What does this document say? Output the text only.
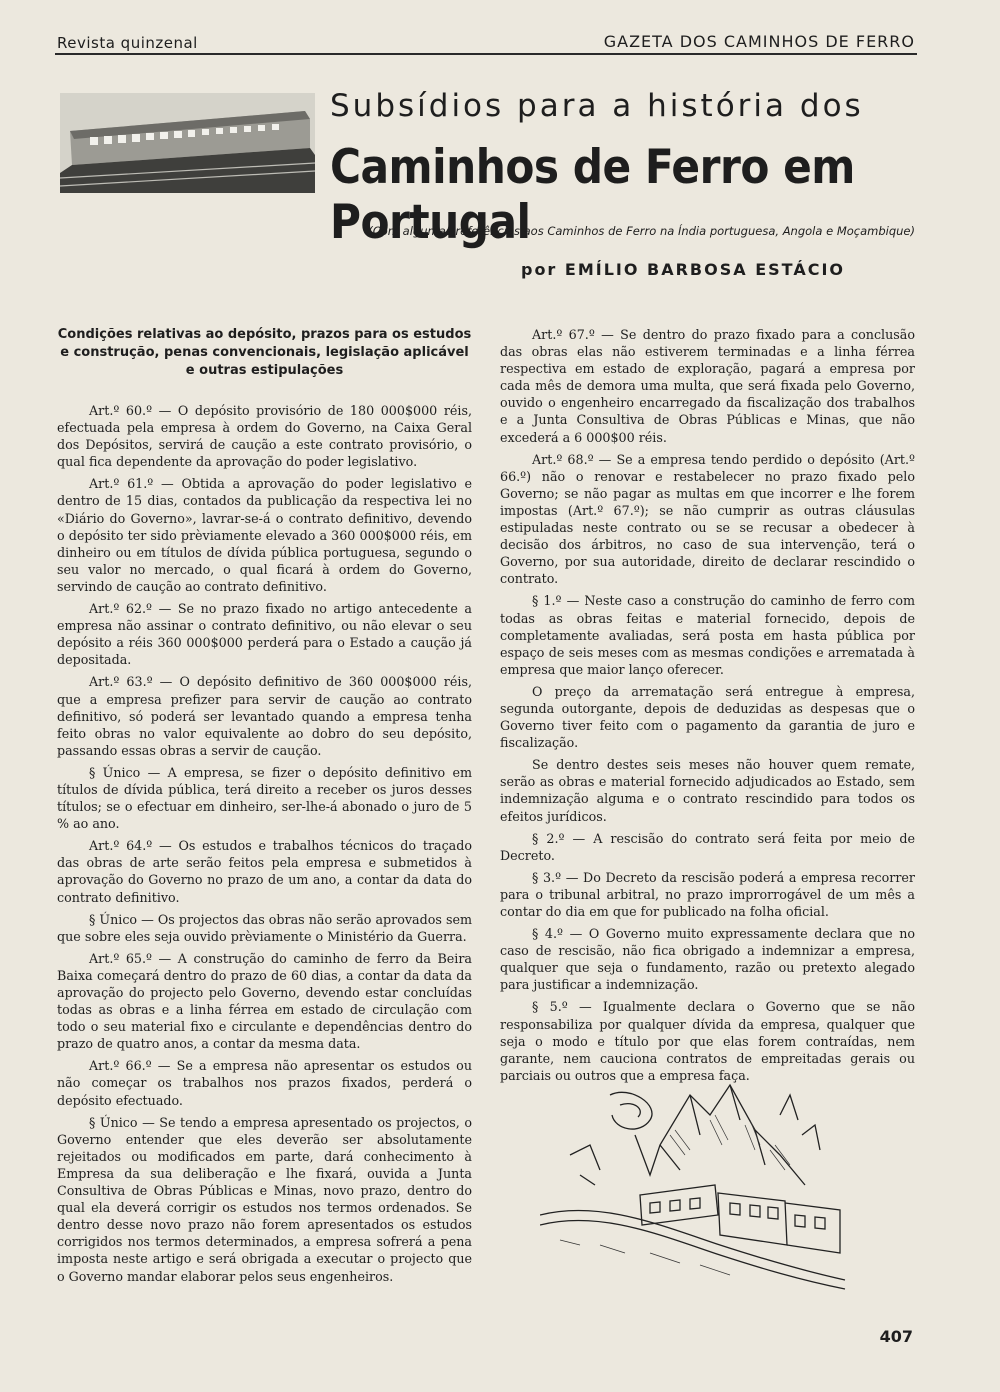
Revista quinzenal	GAZETA DOS CAMINHOS DE FERRO
Subsídios para a história dos
Caminhos de Ferro em Portugal
(Com algumas referências aos Caminhos de Ferro na Índia portuguesa, Angola e Moçambique)
por EMÍLIO BARBOSA ESTÁCIO
Condições relativas ao depósito, prazos para os estudos e construção, penas convencionais, legislação aplicável e outras estipulações

Art.º 60.º — O depósito provisório de 180 000$000 réis, efectuada pela empresa à ordem do Governo, na Caixa Geral dos Depósitos, servirá de caução a este contrato provisório, o qual fica dependente da aprovação do poder legislativo.

Art.º 61.º — Obtida a aprovação do poder legislativo e dentro de 15 dias, contados da publicação da respectiva lei no «Diário do Governo», lavrar-se-á o contrato definitivo, devendo o depósito ter sido prèviamente elevado a 360 000$000 réis, em dinheiro ou em títulos de dívida pública portuguesa, segundo o seu valor no mercado, o qual ficará à ordem do Governo, servindo de caução ao contrato definitivo.

Art.º 62.º — Se no prazo fixado no artigo antecedente a empresa não assinar o contrato definitivo, ou não elevar o seu depósito a réis 360 000$000 perderá para o Estado a caução já depositada.

Art.º 63.º — O depósito definitivo de 360 000$000 réis, que a empresa prefizer para servir de caução ao contrato definitivo, só poderá ser levantado quando a empresa tenha feito obras no valor equivalente ao dobro do seu depósito, passando essas obras a servir de caução.

§ Único — A empresa, se fizer o depósito definitivo em títulos de dívida pública, terá direito a receber os juros desses títulos; se o efectuar em dinheiro, ser-lhe-á abonado o juro de 5 % ao ano.

Art.º 64.º — Os estudos e trabalhos técnicos do traçado das obras de arte serão feitos pela empresa e submetidos à aprovação do Governo no prazo de um ano, a contar da data do contrato definitivo.

§ Único — Os projectos das obras não serão aprovados sem que sobre eles seja ouvido prèviamente o Ministério da Guerra.

Art.º 65.º — A construção do caminho de ferro da Beira Baixa começará dentro do prazo de 60 dias, a contar da data da aprovação do projecto pelo Governo, devendo estar concluídas todas as obras e a linha férrea em estado de circulação com todo o seu material fixo e circulante e dependências dentro do prazo de quatro anos, a contar da mesma data.

Art.º 66.º — Se a empresa não apresentar os estudos ou não começar os trabalhos nos prazos fixados, perderá o depósito efectuado.

§ Único — Se tendo a empresa apresentado os projectos, o Governo entender que eles deverão ser absolutamente rejeitados ou modificados em parte, dará conhecimento à Empresa da sua deliberação e lhe fixará, ouvida a Junta Consultiva de Obras Públicas e Minas, novo prazo, dentro do qual ela deverá corrigir os estudos nos termos ordenados. Se dentro desse novo prazo não forem apresentados os estudos corrigidos nos termos determinados, a empresa sofrerá a pena imposta neste artigo e será obrigada a executar o projecto que o Governo mandar elaborar pelos seus engenheiros.

Art.º 67.º — Se dentro do prazo fixado para a conclusão das obras elas não estiverem terminadas e a linha férrea respectiva em estado de exploração, pagará a empresa por cada mês de demora uma multa, que será fixada pelo Governo, ouvido o engenheiro encarregado da fiscalização dos trabalhos e a Junta Consultiva de Obras Públicas e Minas, que não excederá a 6 000$00 réis.

Art.º 68.º — Se a empresa tendo perdido o depósito (Art.º 66.º) não o renovar e restabelecer no prazo fixado pelo Governo; se não pagar as multas em que incorrer e lhe forem impostas (Art.º 67.º); se não cumprir as outras cláusulas estipuladas neste contrato ou se se recusar a obedecer à decisão dos árbitros, no caso de sua intervenção, terá o Governo, por sua autoridade, direito de declarar rescindido o contrato.

§ 1.º — Neste caso a construção do caminho de ferro com todas as obras feitas e material fornecido, depois de completamente avaliadas, será posta em hasta pública por espaço de seis meses com as mesmas condições e arrematada à empresa que maior lanço oferecer.

O preço da arrematação será entregue à empresa, segunda outorgante, depois de deduzidas as despesas que o Governo tiver feito com o pagamento da garantia de juro e fiscalização.

Se dentro destes seis meses não houver quem remate, serão as obras e material fornecido adjudicados ao Estado, sem indemnização alguma e o contrato rescindido para todos os efeitos jurídicos.

§ 2.º — A rescisão do contrato será feita por meio de Decreto.

§ 3.º — Do Decreto da rescisão poderá a empresa recorrer para o tribunal arbitral, no prazo improrrogável de um mês a contar do dia em que for publicado na folha oficial.

§ 4.º — O Governo muito expressamente declara que no caso de rescisão, não fica obrigado a indemnizar a empresa, qualquer que seja o fundamento, razão ou pretexto alegado para justificar a indemnização.

§ 5.º — Igualmente declara o Governo que se não responsabiliza por qualquer dívida da empresa, qualquer que seja o modo e título por que elas forem contraídas, nem garante, nem cauciona contratos de empreitadas gerais ou parciais ou outros que a empresa faça.

407
